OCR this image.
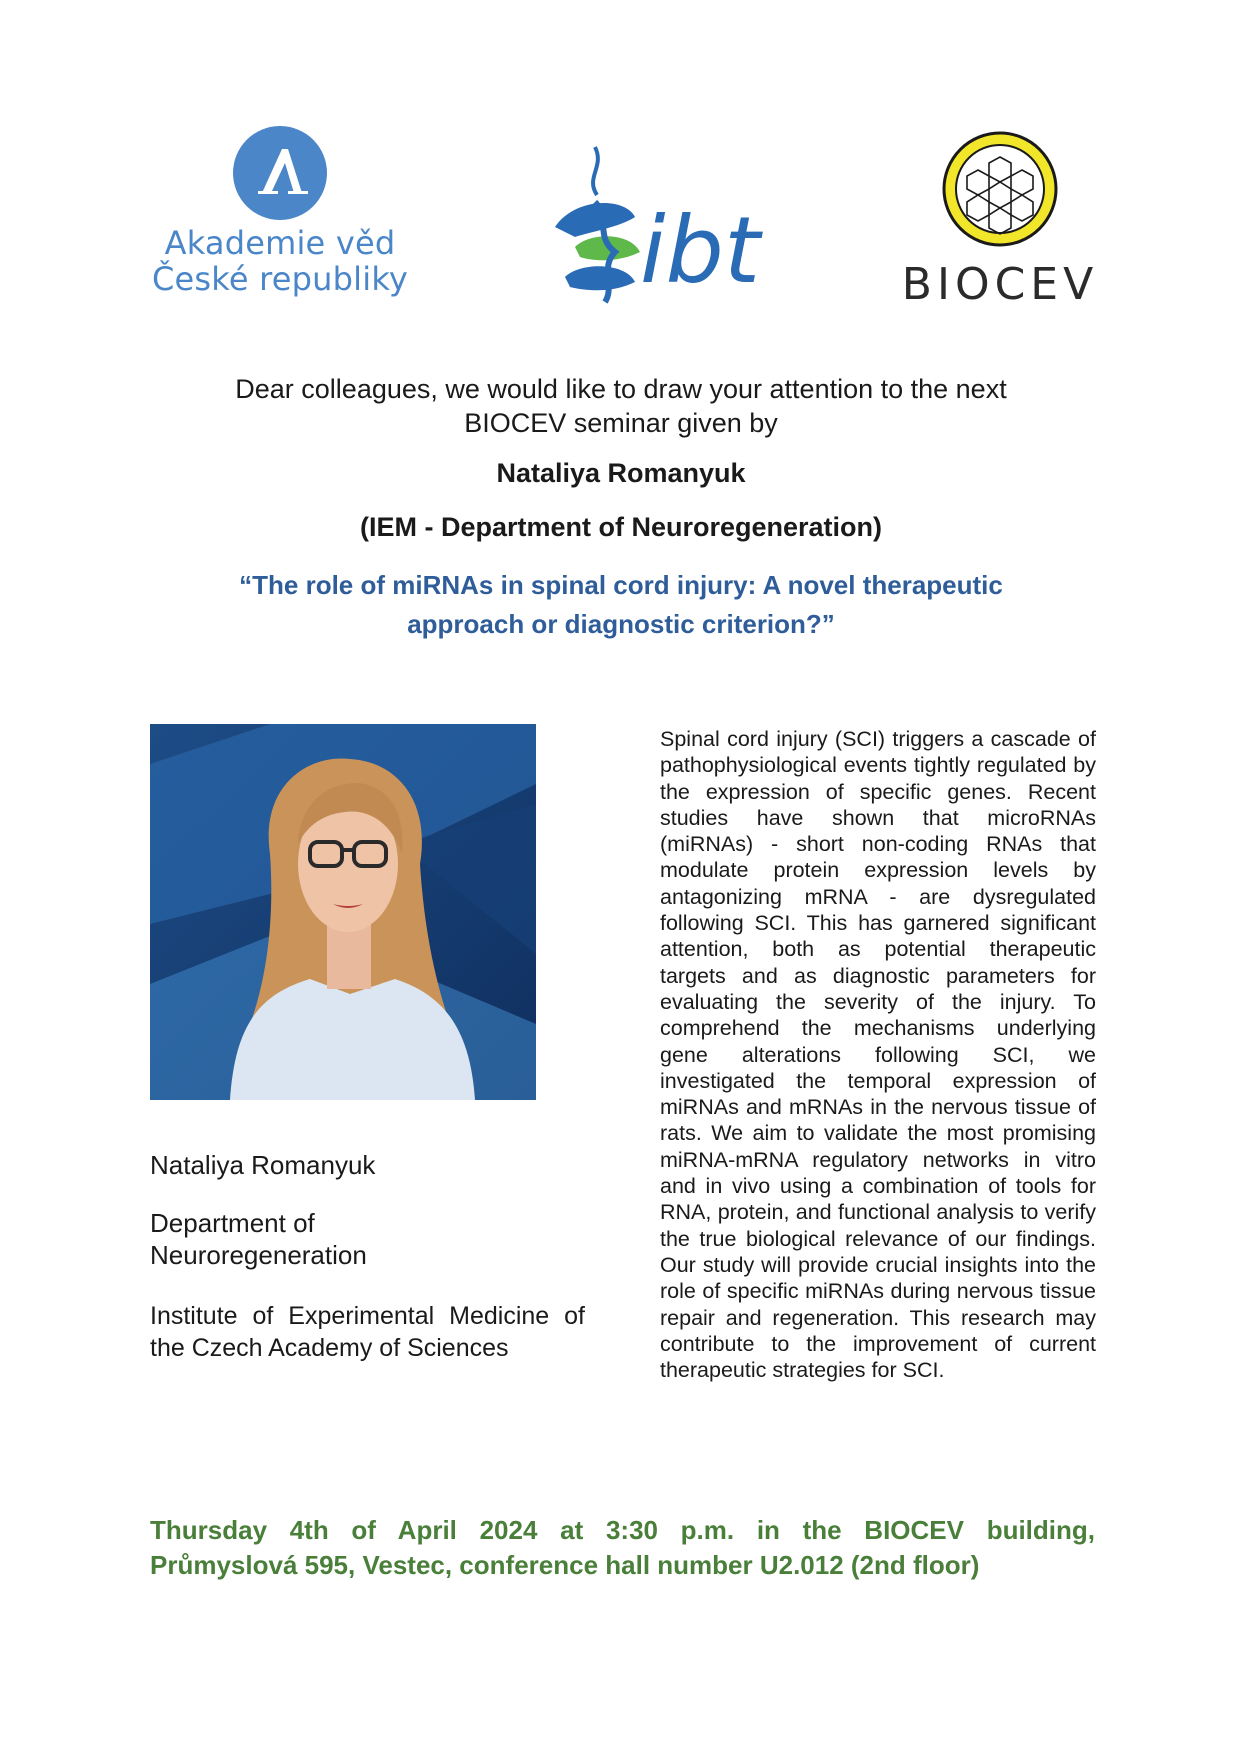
Akademie věd
České republiky	ibt	BIOCEV
Dear colleagues, we would like to draw your attention to the next
BIOCEV seminar given by
Nataliya Romanyuk
(IEM - Department of Neuroregeneration)
“The role of miRNAs in spinal cord injury: A novel therapeutic
approach or diagnostic criterion?”
Nataliya Romanyuk
Department of
Neuroregeneration
Institute of Experimental Medicine of the Czech Academy of Sciences
Spinal cord injury (SCI) triggers a cascade of pathophysiological events tightly regulated by the expression of specific genes. Recent studies have shown that microRNAs (miRNAs) - short non-coding RNAs that modulate protein expression levels by antagonizing mRNA - are dysregulated following SCI. This has garnered significant attention, both as potential therapeutic targets and as diagnostic parameters for evaluating the severity of the injury. To comprehend the mechanisms underlying gene alterations following SCI, we investigated the temporal expression of miRNAs and mRNAs in the nervous tissue of rats. We aim to validate the most promising miRNA-mRNA regulatory networks in vitro and in vivo using a combination of tools for RNA, protein, and functional analysis to verify the true biological relevance of our findings. Our study will provide crucial insights into the role of specific miRNAs during nervous tissue repair and regeneration. This research may contribute to the improvement of current therapeutic strategies for SCI.
Thursday 4th of April 2024 at 3:30 p.m. in the BIOCEV building,
Průmyslová 595, Vestec, conference hall number U2.012 (2nd floor)
